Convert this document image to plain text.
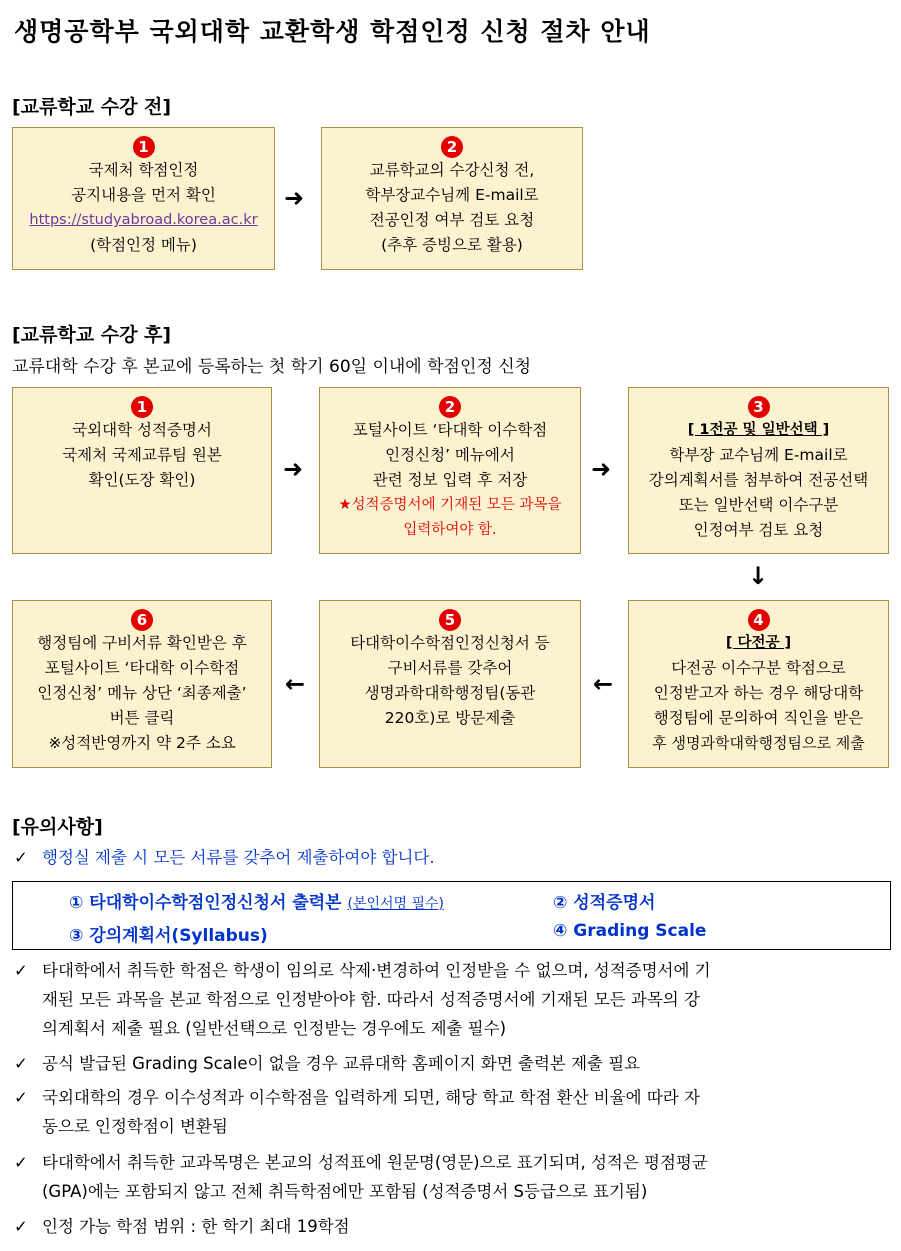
생명공학부 국외대학 교환학생 학점인정 신청 절차 안내
[교류학교 수강 전]
1
국제처 학점인정
공지내용을 먼저 확인
https://studyabroad.korea.ac.kr
(학점인정 메뉴)
➜
2
교류학교의 수강신청 전,
학부장교수님께 E-mail로
전공인정 여부 검토 요청
(추후 증빙으로 활용)
[교류학교 수강 후]
교류대학 수강 후 본교에 등록하는 첫 학기 60일 이내에 학점인정 신청
1
국외대학 성적증명서
국제처 국제교류팀 원본
확인(도장 확인)	➜
2
포털사이트 ‘타대학 이수학점
인정신청’ 메뉴에서
관련 정보 입력 후 저장
★성적증명서에 기재된 모든 과목을
입력하여야 함.
➜
3
[ 1전공 및 일반선택 ]
학부장 교수님께 E-mail로
강의계획서를 첨부하여 전공선택
또는 일반선택 이수구분
인정여부 검토 요청
↓
6
행정팀에 구비서류 확인받은 후
포털사이트 ‘타대학 이수학점
인정신청’ 메뉴 상단 ‘최종제출’
버튼 클릭
※성적반영까지 약 2주 소요
←
5
타대학이수학점인정신청서 등
구비서류를 갖추어
생명과학대학행정팀(동관
220호)로 방문제출
←
4
[ 다전공 ]
다전공 이수구분 학점으로
인정받고자 하는 경우 해당대학
행정팀에 문의하여 직인을 받은
후 생명과학대학행정팀으로 제출
[유의사항]
✓ 행정실 제출 시 모든 서류를 갖추어 제출하여야 합니다.
① 타대학이수학점인정신청서 출력본 (본인서명 필수)	② 성적증명서
③ 강의계획서(Syllabus)	④ Grading Scale
✓ 타대학에서 취득한 학점은 학생이 임의로 삭제·변경하여 인정받을 수 없으며, 성적증명서에 기
재된 모든 과목을 본교 학점으로 인정받아야 함. 따라서 성적증명서에 기재된 모든 과목의 강
의계획서 제출 필요 (일반선택으로 인정받는 경우에도 제출 필수)
✓ 공식 발급된 Grading Scale이 없을 경우 교류대학 홈페이지 화면 출력본 제출 필요
✓ 국외대학의 경우 이수성적과 이수학점을 입력하게 되면, 해당 학교 학점 환산 비율에 따라 자
동으로 인정학점이 변환됨
✓ 타대학에서 취득한 교과목명은 본교의 성적표에 원문명(영문)으로 표기되며, 성적은 평점평균
(GPA)에는 포함되지 않고 전체 취득학점에만 포함됨 (성적증명서 S등급으로 표기됨)
✓ 인정 가능 학점 범위 : 한 학기 최대 19학점
